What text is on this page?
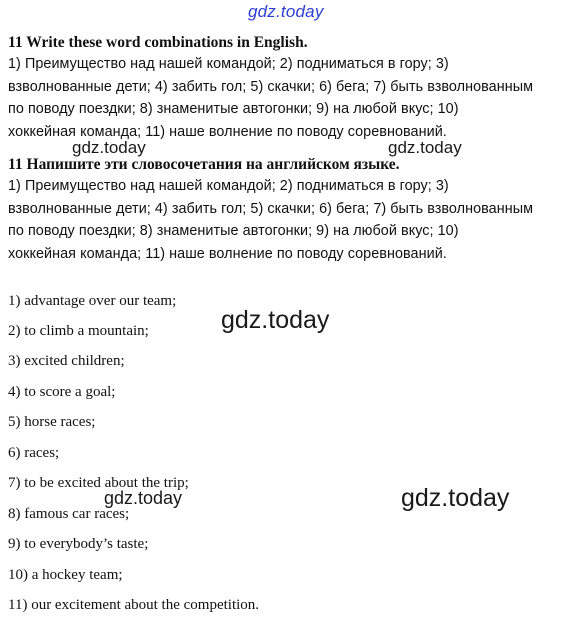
gdz.today
11 Write these word combinations in English.
1) Преимущество над нашей командой; 2) подниматься в гору; 3)
взволнованные дети; 4) забить гол; 5) скачки; 6) бега; 7) быть взволнованным
по поводу поездки; 8) знаменитые автогонки; 9) на любой вкус; 10)
хоккейная команда; 11) наше волнение по поводу соревнований.
gdz.today	gdz.today
11 Напишите эти словосочетания на английском языке.
1) Преимущество над нашей командой; 2) подниматься в гору; 3)
взволнованные дети; 4) забить гол; 5) скачки; 6) бега; 7) быть взволнованным
по поводу поездки; 8) знаменитые автогонки; 9) на любой вкус; 10)
хоккейная команда; 11) наше волнение по поводу соревнований.
1) advantage over our team;
2) to climb a mountain;
3) excited children;
4) to score a goal;
5) horse races;
6) races;
7) to be excited about the trip;
8) famous car races;
9) to everybody’s taste;
10) a hockey team;
11) our excitement about the competition.
gdz.today
gdz.today	gdz.today
